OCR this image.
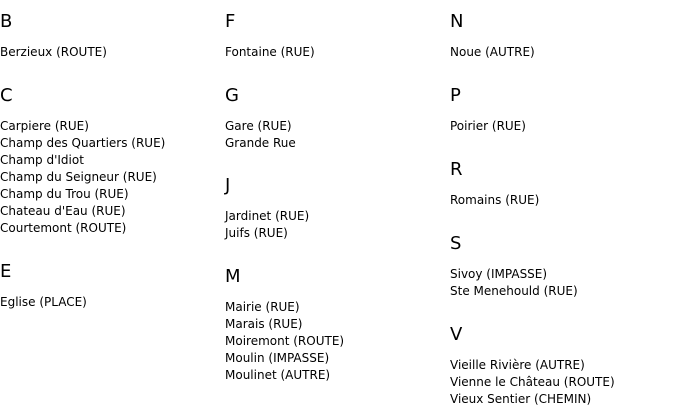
B
Berzieux (ROUTE)
C
Carpiere (RUE)
Champ des Quartiers (RUE)
Champ d'Idiot
Champ du Seigneur (RUE)
Champ du Trou (RUE)
Chateau d'Eau (RUE)
Courtemont (ROUTE)
E
Eglise (PLACE)
F
Fontaine (RUE)
G
Gare (RUE)
Grande Rue
J
Jardinet (RUE)
Juifs (RUE)
M
Mairie (RUE)
Marais (RUE)
Moiremont (ROUTE)
Moulin (IMPASSE)
Moulinet (AUTRE)
N
Noue (AUTRE)
P
Poirier (RUE)
R
Romains (RUE)
S
Sivoy (IMPASSE)
Ste Menehould (RUE)
V
Vieille Rivière (AUTRE)
Vienne le Château (ROUTE)
Vieux Sentier (CHEMIN)
